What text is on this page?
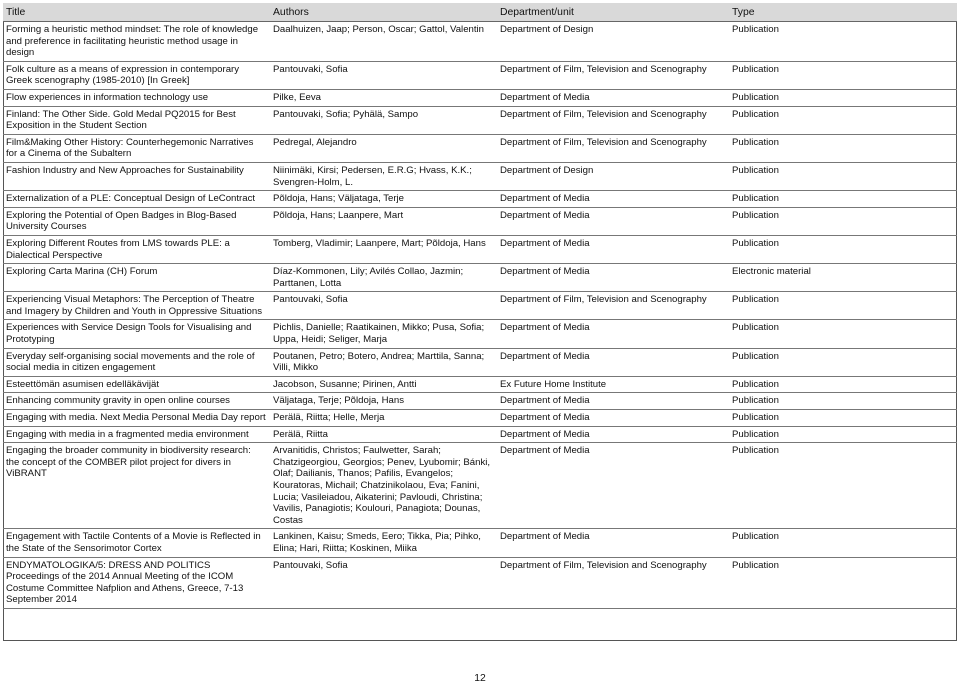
Title	Authors	Department/unit	Type
Forming a heuristic method mindset: The role of knowledge and preference in facilitating heuristic method usage in design	Daalhuizen, Jaap; Person, Oscar; Gattol, Valentin	Department of Design	Publication
Folk culture as a means of expression in contemporary Greek scenography (1985-2010) [In Greek]	Pantouvaki, Sofia	Department of Film, Television and Scenography	Publication
Flow experiences in information technology use	Pilke, Eeva	Department of Media	Publication
Finland: The Other Side. Gold Medal PQ2015 for Best Exposition in the Student Section	Pantouvaki, Sofia; Pyhälä, Sampo	Department of Film, Television and Scenography	Publication
Film&Making Other History: Counterhegemonic Narratives for a Cinema of the Subaltern	Pedregal, Alejandro	Department of Film, Television and Scenography	Publication
Fashion Industry and New Approaches for Sustainability	Niinimäki, Kirsi; Pedersen, E.R.G; Hvass, K.K.; Svengren-Holm, L.	Department of Design	Publication
Externalization of a PLE: Conceptual Design of LeContract	Põldoja, Hans; Väljataga, Terje	Department of Media	Publication
Exploring the Potential of Open Badges in Blog-Based University Courses	Põldoja, Hans; Laanpere, Mart	Department of Media	Publication
Exploring Different Routes from LMS towards PLE: a Dialectical Perspective	Tomberg, Vladimir; Laanpere, Mart; Põldoja, Hans	Department of Media	Publication
Exploring Carta Marina (CH) Forum	Díaz-Kommonen, Lily; Avilés Collao, Jazmin; Parttanen, Lotta	Department of Media	Electronic material
Experiencing Visual Metaphors: The Perception of Theatre and Imagery by Children and Youth in Oppressive Situations	Pantouvaki, Sofia	Department of Film, Television and Scenography	Publication
Experiences with Service Design Tools for Visualising and Prototyping	Pichlis, Danielle; Raatikainen, Mikko; Pusa, Sofia; Uppa, Heidi; Seliger, Marja	Department of Media	Publication
Everyday self-organising social movements and the role of social media in citizen engagement	Poutanen, Petro; Botero, Andrea; Marttila, Sanna; Villi, Mikko	Department of Media	Publication
Esteettömän asumisen edelläkävijät	Jacobson, Susanne; Pirinen, Antti	Ex Future Home Institute	Publication
Enhancing community gravity in open online courses	Väljataga, Terje; Põldoja, Hans	Department of Media	Publication
Engaging with media. Next Media Personal Media Day report	Perälä, Riitta; Helle, Merja	Department of Media	Publication
Engaging with media in a fragmented media environment	Perälä, Riitta	Department of Media	Publication
Engaging the broader community in biodiversity research: the concept of the COMBER pilot project for divers in ViBRANT	Arvanitidis, Christos; Faulwetter, Sarah; Chatzigeorgiou, Georgios; Penev, Lyubomir; Bánki, Olaf; Dailianis, Thanos; Pafilis, Evangelos; Kouratoras, Michail; Chatzinikolaou, Eva; Fanini, Lucia; Vasileiadou, Aikaterini; Pavloudi, Christina; Vavilis, Panagiotis; Koulouri, Panagiota; Dounas, Costas	Department of Media	Publication
Engagement with Tactile Contents of a Movie is Reflected in the State of the Sensorimotor Cortex	Lankinen, Kaisu; Smeds, Eero; Tikka, Pia; Pihko, Elina; Hari, Riitta; Koskinen, Miika	Department of Media	Publication
ENDYMATOLOGIKA/5: DRESS AND POLITICS Proceedings of the 2014 Annual Meeting of the ICOM Costume Committee Nafplion and Athens, Greece, 7-13 September 2014	Pantouvaki, Sofia	Department of Film, Television and Scenography	Publication
12
